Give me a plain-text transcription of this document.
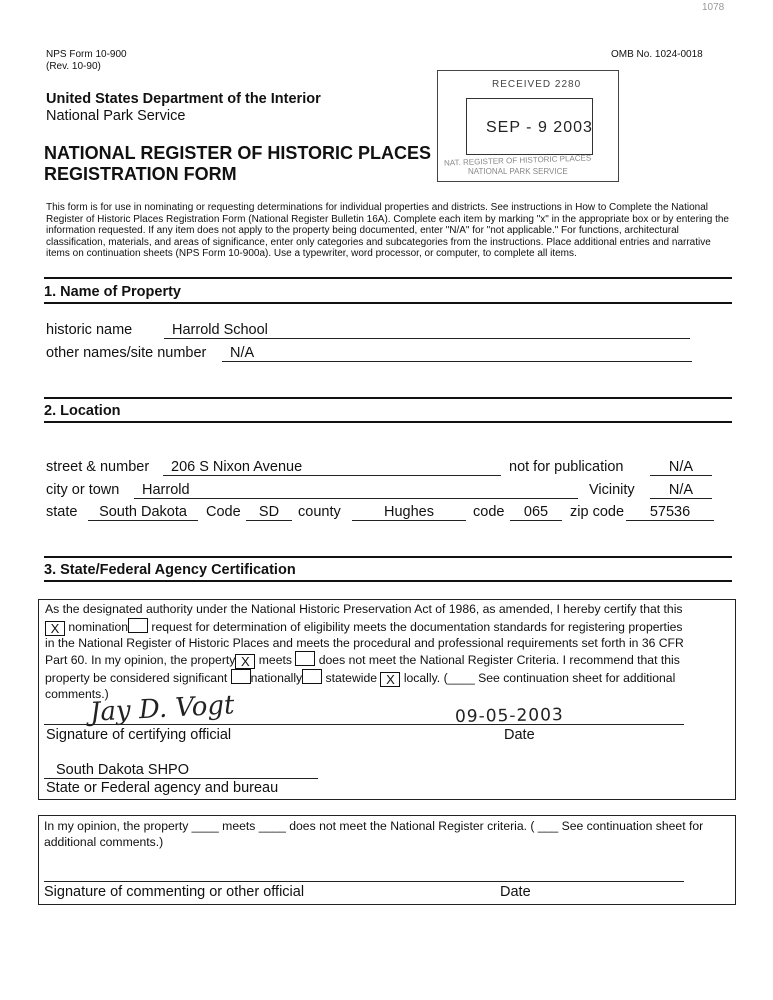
1078
NPS Form 10-900
(Rev. 10-90)
OMB No. 1024-0018
United States Department of the Interior
National Park Service
NATIONAL REGISTER OF HISTORIC PLACES
REGISTRATION FORM
RECEIVED 2280
SEP - 9 2003
NAT. REGISTER OF HISTORIC PLACES
NATIONAL PARK SERVICE
This form is for use in nominating or requesting determinations for individual properties and districts. See instructions in How to Complete the National Register of Historic Places Registration Form (National Register Bulletin 16A). Complete each item by marking "x" in the appropriate box or by entering the information requested. If any item does not apply to the property being documented, enter "N/A" for "not applicable." For functions, architectural classification, materials, and areas of significance, enter only categories and subcategories from the instructions. Place additional entries and narrative items on continuation sheets (NPS Form 10-900a). Use a typewriter, word processor, or computer, to complete all items.
1. Name of Property
historic name	Harrold School
other names/site number	N/A
2. Location
street & number	206 S Nixon Avenue	not for publication	N/A
city or town	Harrold	Vicinity	N/A
state	South Dakota	Code	SD	county	Hughes	code	065	zip code	57536
3. State/Federal Agency Certification
As the designated authority under the National Historic Preservation Act of 1986, as amended, I hereby certify that this
X nomination request for determination of eligibility meets the documentation standards for registering properties
in the National Register of Historic Places and meets the procedural and professional requirements set forth in 36 CFR
Part 60. In my opinion, the property X meets does not meet the National Register Criteria. I recommend that this
property be considered significant nationally statewide X locally. (____ See continuation sheet for additional
comments.)
Jay D. Vogt	09-05-2003
Signature of certifying official	Date
South Dakota SHPO
State or Federal agency and bureau
In my opinion, the property ____ meets ____ does not meet the National Register criteria. ( ___ See continuation sheet for
additional comments.)
Signature of commenting or other official	Date
